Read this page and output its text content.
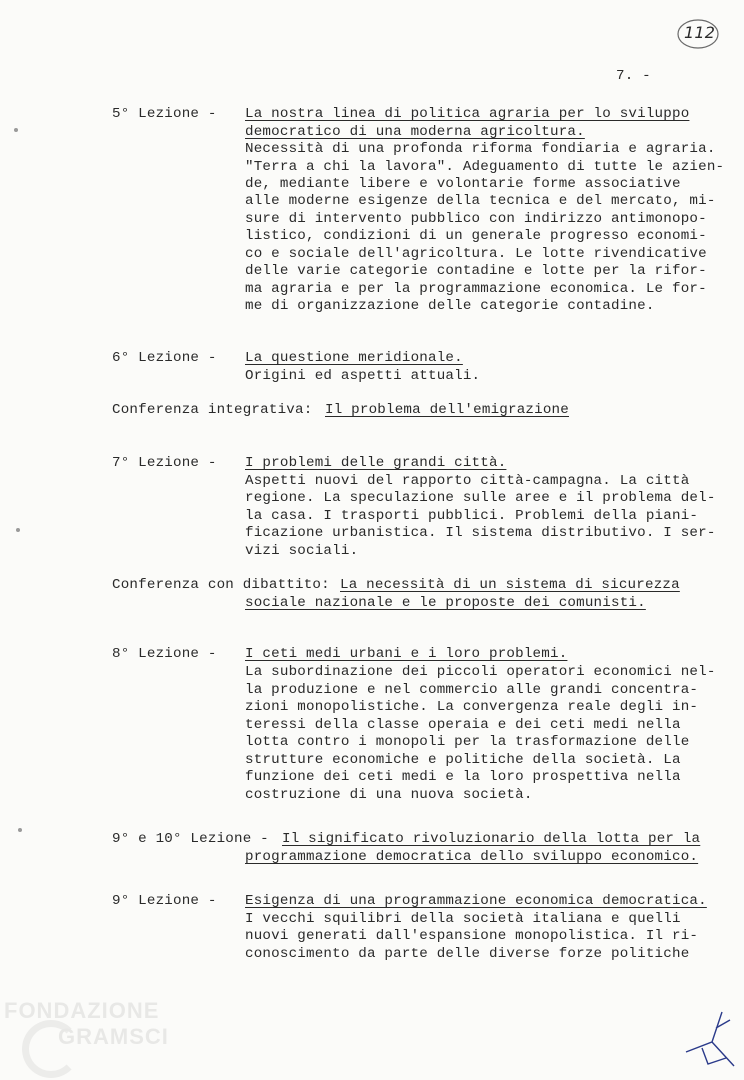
112
7. -
5° Lezione - La nostra linea di politica agraria per lo sviluppo
democratico di una moderna agricoltura.
Necessità di una profonda riforma fondiaria e agraria.
"Terra a chi la lavora". Adeguamento di tutte le azien-
de, mediante libere e volontarie forme associative
alle moderne esigenze della tecnica e del mercato, mi-
sure di intervento pubblico con indirizzo antimonopo-
listico, condizioni di un generale progresso economi-
co e sociale dell'agricoltura. Le lotte rivendicative
delle varie categorie contadine e lotte per la rifor-
ma agraria e per la programmazione economica. Le for-
me di organizzazione delle categorie contadine.
6° Lezione - La questione meridionale.
Origini ed aspetti attuali.
Conferenza integrativa: Il problema dell'emigrazione
7° Lezione - I problemi delle grandi città.
Aspetti nuovi del rapporto città-campagna. La città
regione. La speculazione sulle aree e il problema del-
la casa. I trasporti pubblici. Problemi della piani-
ficazione urbanistica. Il sistema distributivo. I ser-
vizi sociali.
Conferenza con dibattito: La necessità di un sistema di sicurezza
sociale nazionale e le proposte dei comunisti.
8° Lezione - I ceti medi urbani e i loro problemi.
La subordinazione dei piccoli operatori economici nel-
la produzione e nel commercio alle grandi concentra-
zioni monopolistiche. La convergenza reale degli in-
teressi della classe operaia e dei ceti medi nella
lotta contro i monopoli per la trasformazione delle
strutture economiche e politiche della società. La
funzione dei ceti medi e la loro prospettiva nella
costruzione di una nuova società.
9° e 10° Lezione - Il significato rivoluzionario della lotta per la
programmazione democratica dello sviluppo economico.
9° Lezione - Esigenza di una programmazione economica democratica.
I vecchi squilibri della società italiana e quelli
nuovi generati dall'espansione monopolistica. Il ri-
conoscimento da parte delle diverse forze politiche
FONDAZIONE
GRAMSCI
